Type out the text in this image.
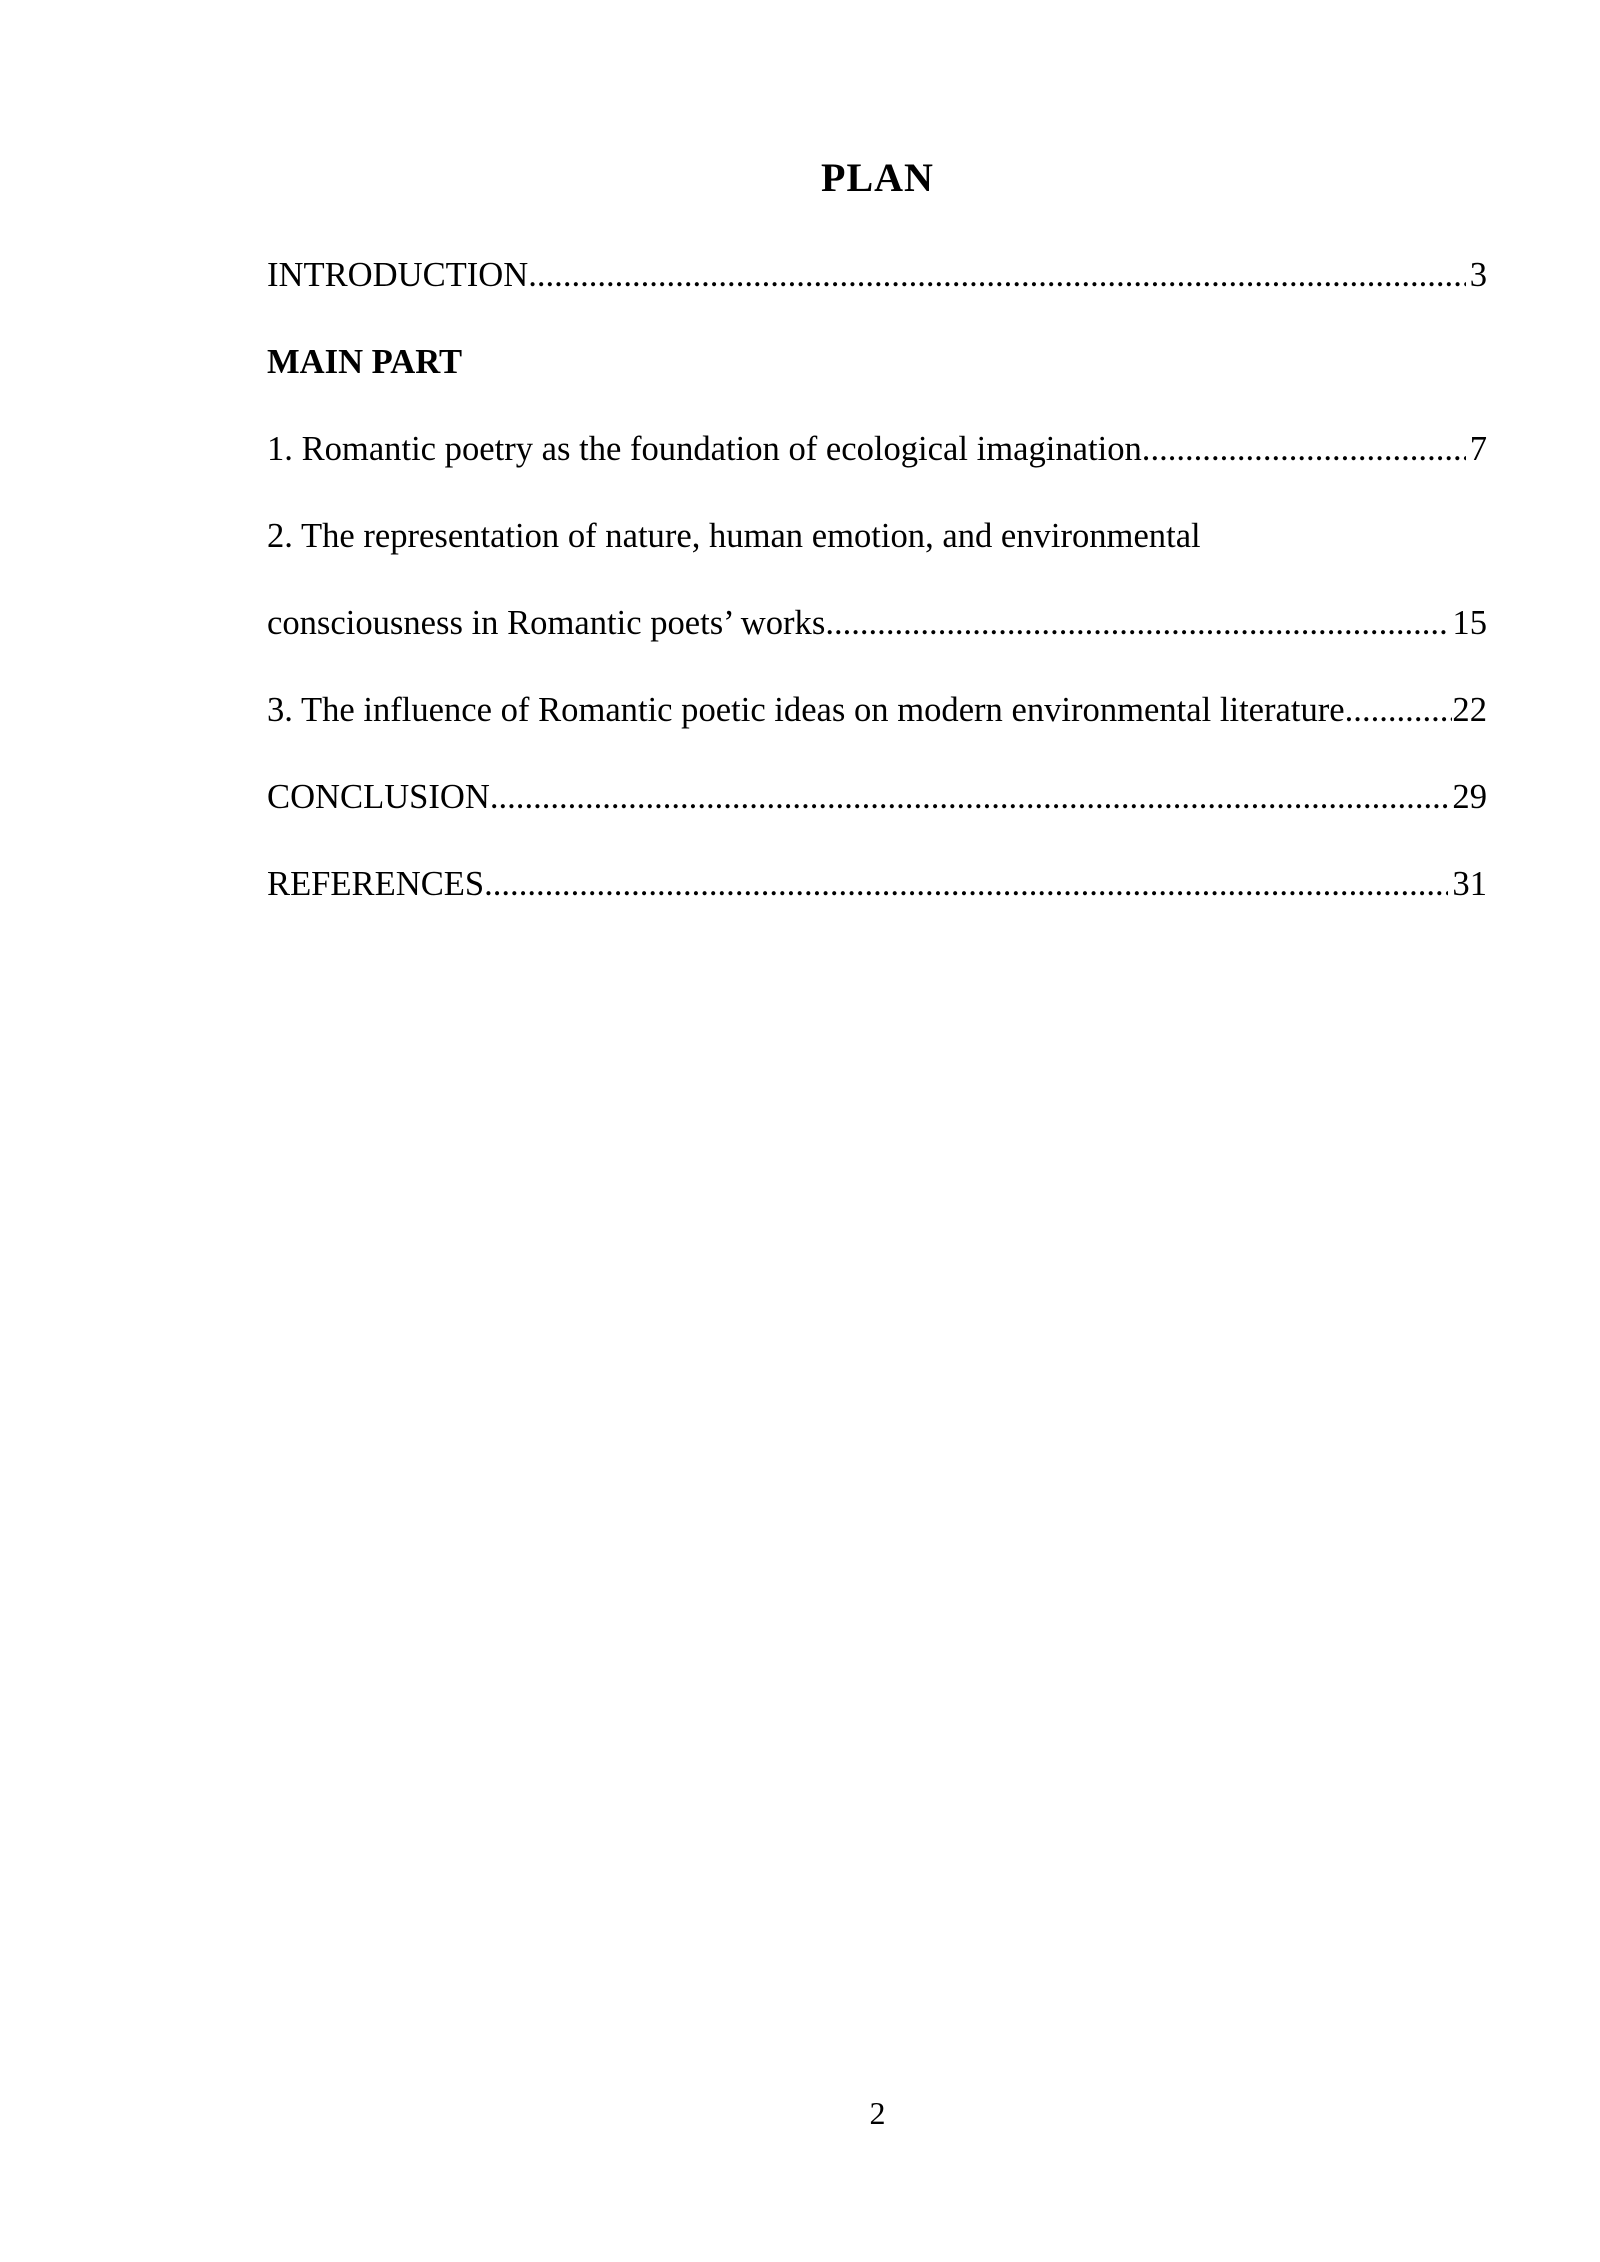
PLAN
INTRODUCTION .....	3
MAIN PART
1. Romantic poetry as the foundation of ecological imagination .....	7
2. The representation of nature, human emotion, and environmental
consciousness in Romantic poets’ works .....	15
3. The influence of Romantic poetic ideas on modern environmental literature .....	22
CONCLUSION .....	29
REFERENCES .....	31
2
